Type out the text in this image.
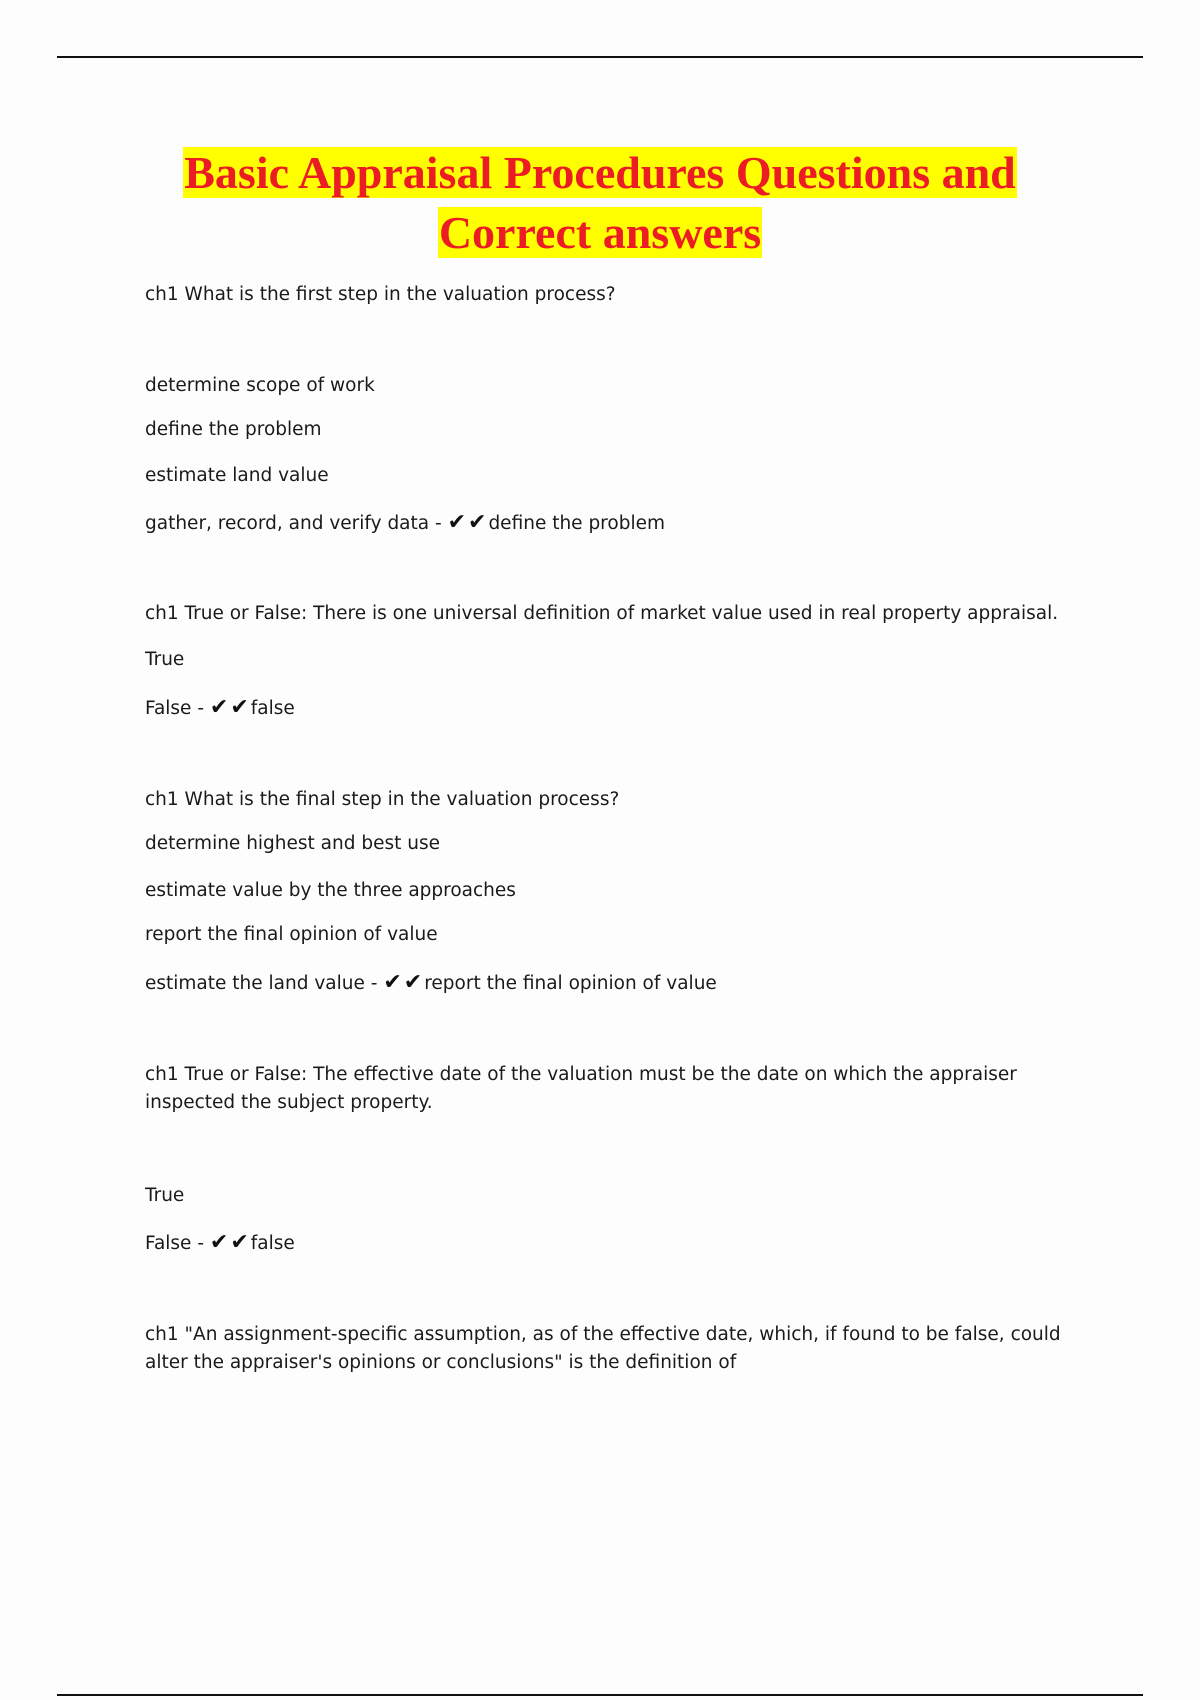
Basic Appraisal Procedures Questions and
Correct answers

ch1 What is the first step in the valuation process?

determine scope of work

define the problem

estimate land value

gather, record, and verify data - ✔✔define the problem

ch1 True or False: There is one universal definition of market value used in real property appraisal.

True

False - ✔✔false

ch1 What is the final step in the valuation process?

determine highest and best use

estimate value by the three approaches

report the final opinion of value

estimate the land value - ✔✔report the final opinion of value

ch1 True or False: The effective date of the valuation must be the date on which the appraiser inspected the subject property.

True

False - ✔✔false

ch1 "An assignment-specific assumption, as of the effective date, which, if found to be false, could alter the appraiser's opinions or conclusions" is the definition of
